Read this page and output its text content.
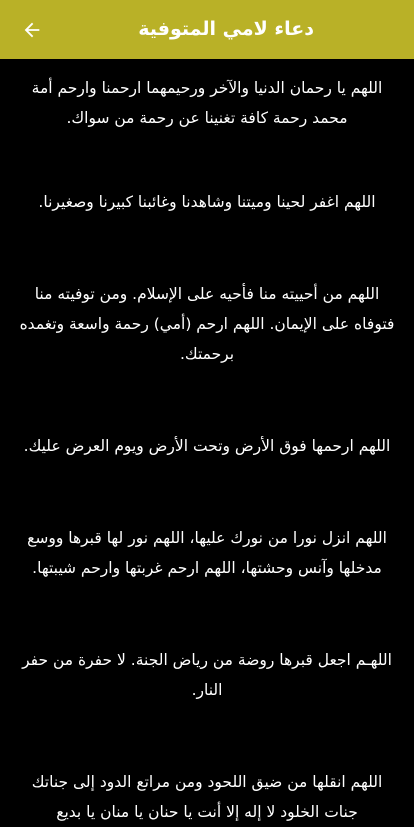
دعاء لامي المتوفية

اللهم يا رحمان الدنيا والآخر ورحيمهما ارحمنا وارحم أمة محمد رحمة كافة تغنينا عن رحمة من سواك.

اللهم اغفر لحينا وميتنا وشاهدنا وغائبنا كبيرنا وصغيرنا.

اللهم من أحييته منا فأحيه على الإسلام. ومن توفيته منا فتوفاه على الإيمان. اللهم ارحم (أمي) رحمة واسعة وتغمده برحمتك.

اللهم ارحمها فوق الأرض وتحت الأرض ويوم العرض عليك.

اللهم انزل نورا من نورك عليها، اللهم نور لها قبرها ووسع مدخلها وآنس وحشتها، اللهم ارحم غربتها وارحم شيبتها.

اللهـم اجعل قبرها روضة من رياض الجنة. لا حفرة من حفر النار.

اللهم انقلها من ضيق اللحود ومن مراتع الدود إلى جناتك جنات الخلود لا إله إلا أنت يا حنان يا منان يا بديع
